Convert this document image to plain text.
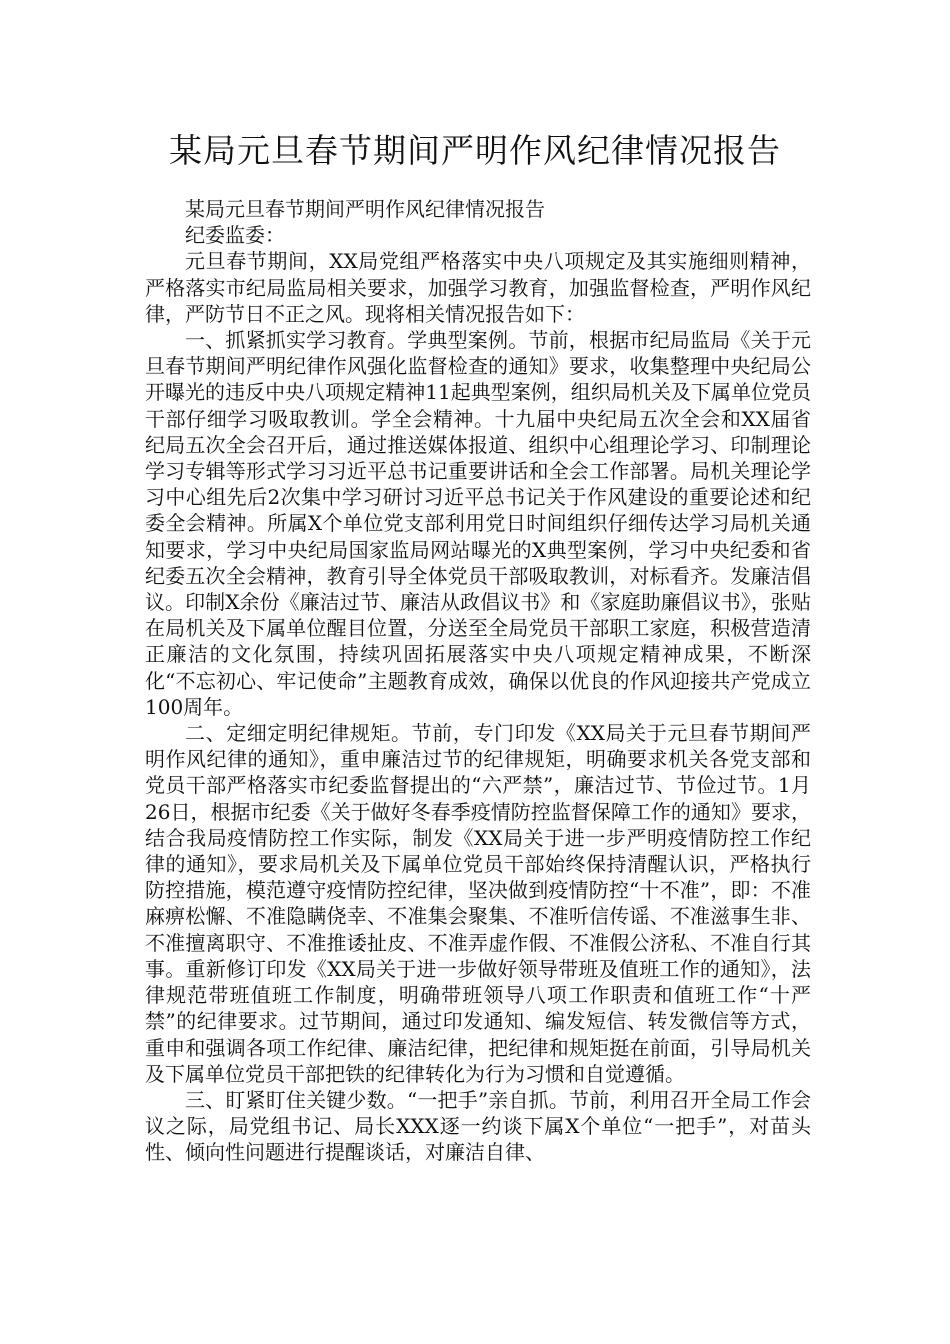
某局元旦春节期间严明作风纪律情况报告

某局元旦春节期间严明作风纪律情况报告

纪委监委：

元旦春节期间，XX局党组严格落实中央八项规定及其实施细则精神，严格落实市纪局监局相关要求，加强学习教育，加强监督检查，严明作风纪律，严防节日不正之风。现将相关情况报告如下：

一、抓紧抓实学习教育。学典型案例。节前，根据市纪局监局《关于元旦春节期间严明纪律作风强化监督检查的通知》要求，收集整理中央纪局公开曝光的违反中央八项规定精神11起典型案例，组织局机关及下属单位党员干部仔细学习吸取教训。学全会精神。十九届中央纪局五次全会和XX届省纪局五次全会召开后，通过推送媒体报道、组织中心组理论学习、印制理论学习专辑等形式学习习近平总书记重要讲话和全会工作部署。局机关理论学习中心组先后2次集中学习研讨习近平总书记关于作风建设的重要论述和纪委全会精神。所属X个单位党支部利用党日时间组织仔细传达学习局机关通知要求，学习中央纪局国家监局网站曝光的X典型案例，学习中央纪委和省纪委五次全会精神，教育引导全体党员干部吸取教训，对标看齐。发廉洁倡议。印制X余份《廉洁过节、廉洁从政倡议书》和《家庭助廉倡议书》，张贴在局机关及下属单位醒目位置，分送至全局党员干部职工家庭，积极营造清正廉洁的文化氛围，持续巩固拓展落实中央八项规定精神成果，不断深化“不忘初心、牢记使命”主题教育成效，确保以优良的作风迎接共产党成立100周年。

二、定细定明纪律规矩。节前，专门印发《XX局关于元旦春节期间严明作风纪律的通知》，重申廉洁过节的纪律规矩，明确要求机关各党支部和党员干部严格落实市纪委监督提出的“六严禁”，廉洁过节、节俭过节。1月26日，根据市纪委《关于做好冬春季疫情防控监督保障工作的通知》要求，结合我局疫情防控工作实际，制发《XX局关于进一步严明疫情防控工作纪律的通知》，要求局机关及下属单位党员干部始终保持清醒认识，严格执行防控措施，模范遵守疫情防控纪律，坚决做到疫情防控“十不准”，即：不准麻痹松懈、不准隐瞒侥幸、不准集会聚集、不准听信传谣、不准滋事生非、不准擅离职守、不准推诿扯皮、不准弄虚作假、不准假公济私、不准自行其事。重新修订印发《XX局关于进一步做好领导带班及值班工作的通知》，法律规范带班值班工作制度，明确带班领导八项工作职责和值班工作“十严禁”的纪律要求。过节期间，通过印发通知、编发短信、转发微信等方式，重申和强调各项工作纪律、廉洁纪律，把纪律和规矩挺在前面，引导局机关及下属单位党员干部把铁的纪律转化为行为习惯和自觉遵循。

三、盯紧盯住关键少数。“一把手”亲自抓。节前，利用召开全局工作会议之际，局党组书记、局长XXX逐一约谈下属X个单位“一把手”，对苗头性、倾向性问题进行提醒谈话，对廉洁自律、
